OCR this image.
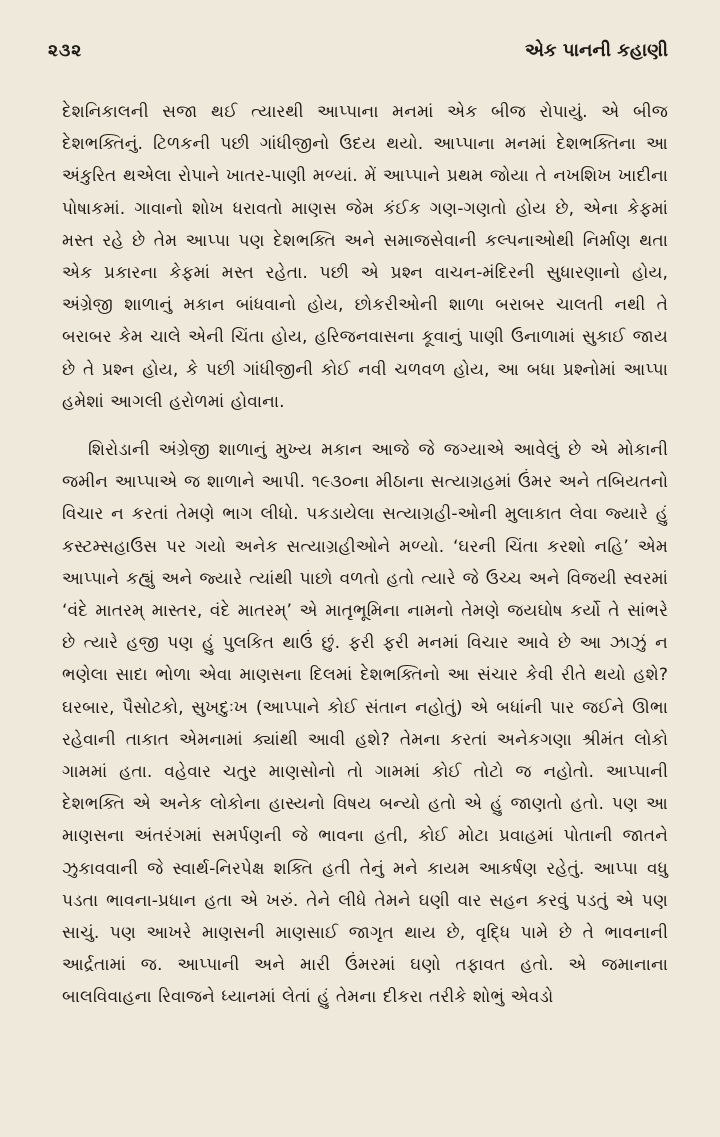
૨૩૨	એક પાનની કહાણી

દેશનિકાલની સજા થઈ ત્યારથી આપ્પાના મનમાં એક બીજ રોપાયું. એ બીજ દેશભક્તિનું. ટિળકની પછી ગાંધીજીનો ઉદય થયો. આપ્પાના મનમાં દેશભક્તિના આ અંકુરિત થએલા રોપાને ખાતર-પાણી મળ્યાં. મેં આપ્પાને પ્રથમ જોયા તે નખશિખ ખાદીના પોષાકમાં. ગાવાનો શોખ ધરાવતો માણસ જેમ કંઈક ગણ-ગણતો હોય છે, એના કેફમાં મસ્ત રહે છે તેમ આપ્પા પણ દેશભક્તિ અને સમાજસેવાની કલ્પનાઓથી નિર્માણ થતા એક પ્રકારના કેફમાં મસ્ત રહેતા. પછી એ પ્રશ્ન વાચન-મંદિરની સુધારણાનો હોય, અંગ્રેજી શાળાનું મકાન બાંધવાનો હોય, છોકરીઓની શાળા બરાબર ચાલતી નથી તે બરાબર કેમ ચાલે એની ચિંતા હોય, હરિજનવાસના કૂવાનું પાણી ઉનાળામાં સુકાઈ જાય છે તે પ્રશ્ન હોય, કે પછી ગાંધીજીની કોઈ નવી ચળવળ હોય, આ બધા પ્રશ્નોમાં આપ્પા હમેશાં આગલી હરોળમાં હોવાના.

શિરોડાની અંગ્રેજી શાળાનું મુખ્ય મકાન આજે જે જગ્યાએ આવેલું છે એ મોકાની જમીન આપ્પાએ જ શાળાને આપી. ૧૯૩૦ના મીઠાના સત્યાગ્રહમાં ઉંમર અને તબિયતનો વિચાર ન કરતાં તેમણે ભાગ લીધો. પકડાયેલા સત્યાગ્રહી-ઓની મુલાકાત લેવા જ્યારે હું કસ્ટમ્સહાઉસ પર ગયો અનેક સત્યાગ્રહીઓને મળ્યો. ‘ઘરની ચિંતા કરશો નહિ’ એમ આપ્પાને કહ્યું અને જ્યારે ત્યાંથી પાછો વળતો હતો ત્યારે જે ઉચ્ચ અને વિજયી સ્વરમાં ‘વંદે માતરમ્ માસ્તર, વંદે માતરમ્’ એ માતૃભૂમિના નામનો તેમણે જયઘોષ કર્યો તે સાંભરે છે ત્યારે હજી પણ હું પુલકિત થાઉં છું. ફરી ફરી મનમાં વિચાર આવે છે આ ઝાઝું ન ભણેલા સાદા ભોળા એવા માણસના દિલમાં દેશભક્તિનો આ સંચાર કેવી રીતે થયો હશે? ઘરબાર, પૈસોટકો, સુખદુઃખ (આપ્પાને કોઈ સંતાન નહોતું) એ બધાંની પાર જઈને ઊભા રહેવાની તાકાત એમનામાં ક્યાંથી આવી હશે? તેમના કરતાં અનેકગણા શ્રીમંત લોકો ગામમાં હતા. વહેવાર ચતુર માણસોનો તો ગામમાં કોઈ તોટો જ નહોતો. આપ્પાની દેશભક્તિ એ અનેક લોકોના હાસ્યનો વિષય બન્યો હતો એ હું જાણતો હતો. પણ આ માણસના અંતરંગમાં સમર્પણની જે ભાવના હતી, કોઈ મોટા પ્રવાહમાં પોતાની જાતને ઝુકાવવાની જે સ્વાર્થ-નિરપેક્ષ શક્તિ હતી તેનું મને કાયમ આકર્ષણ રહેતું. આપ્પા વધુ પડતા ભાવના-પ્રધાન હતા એ ખરું. તેને લીધે તેમને ઘણી વાર સહન કરવું પડતું એ પણ સાચું. પણ આખરે માણસની માણસાઈ જાગૃત થાય છે, વૃદ્ધિ પામે છે તે ભાવનાની આર્દ્રતામાં જ. આપ્પાની અને મારી ઉંમરમાં ઘણો તફાવત હતો. એ જમાનાના બાલવિવાહના રિવાજને ધ્યાનમાં લેતાં હું તેમના દીકરા તરીકે શોભું એવડો
